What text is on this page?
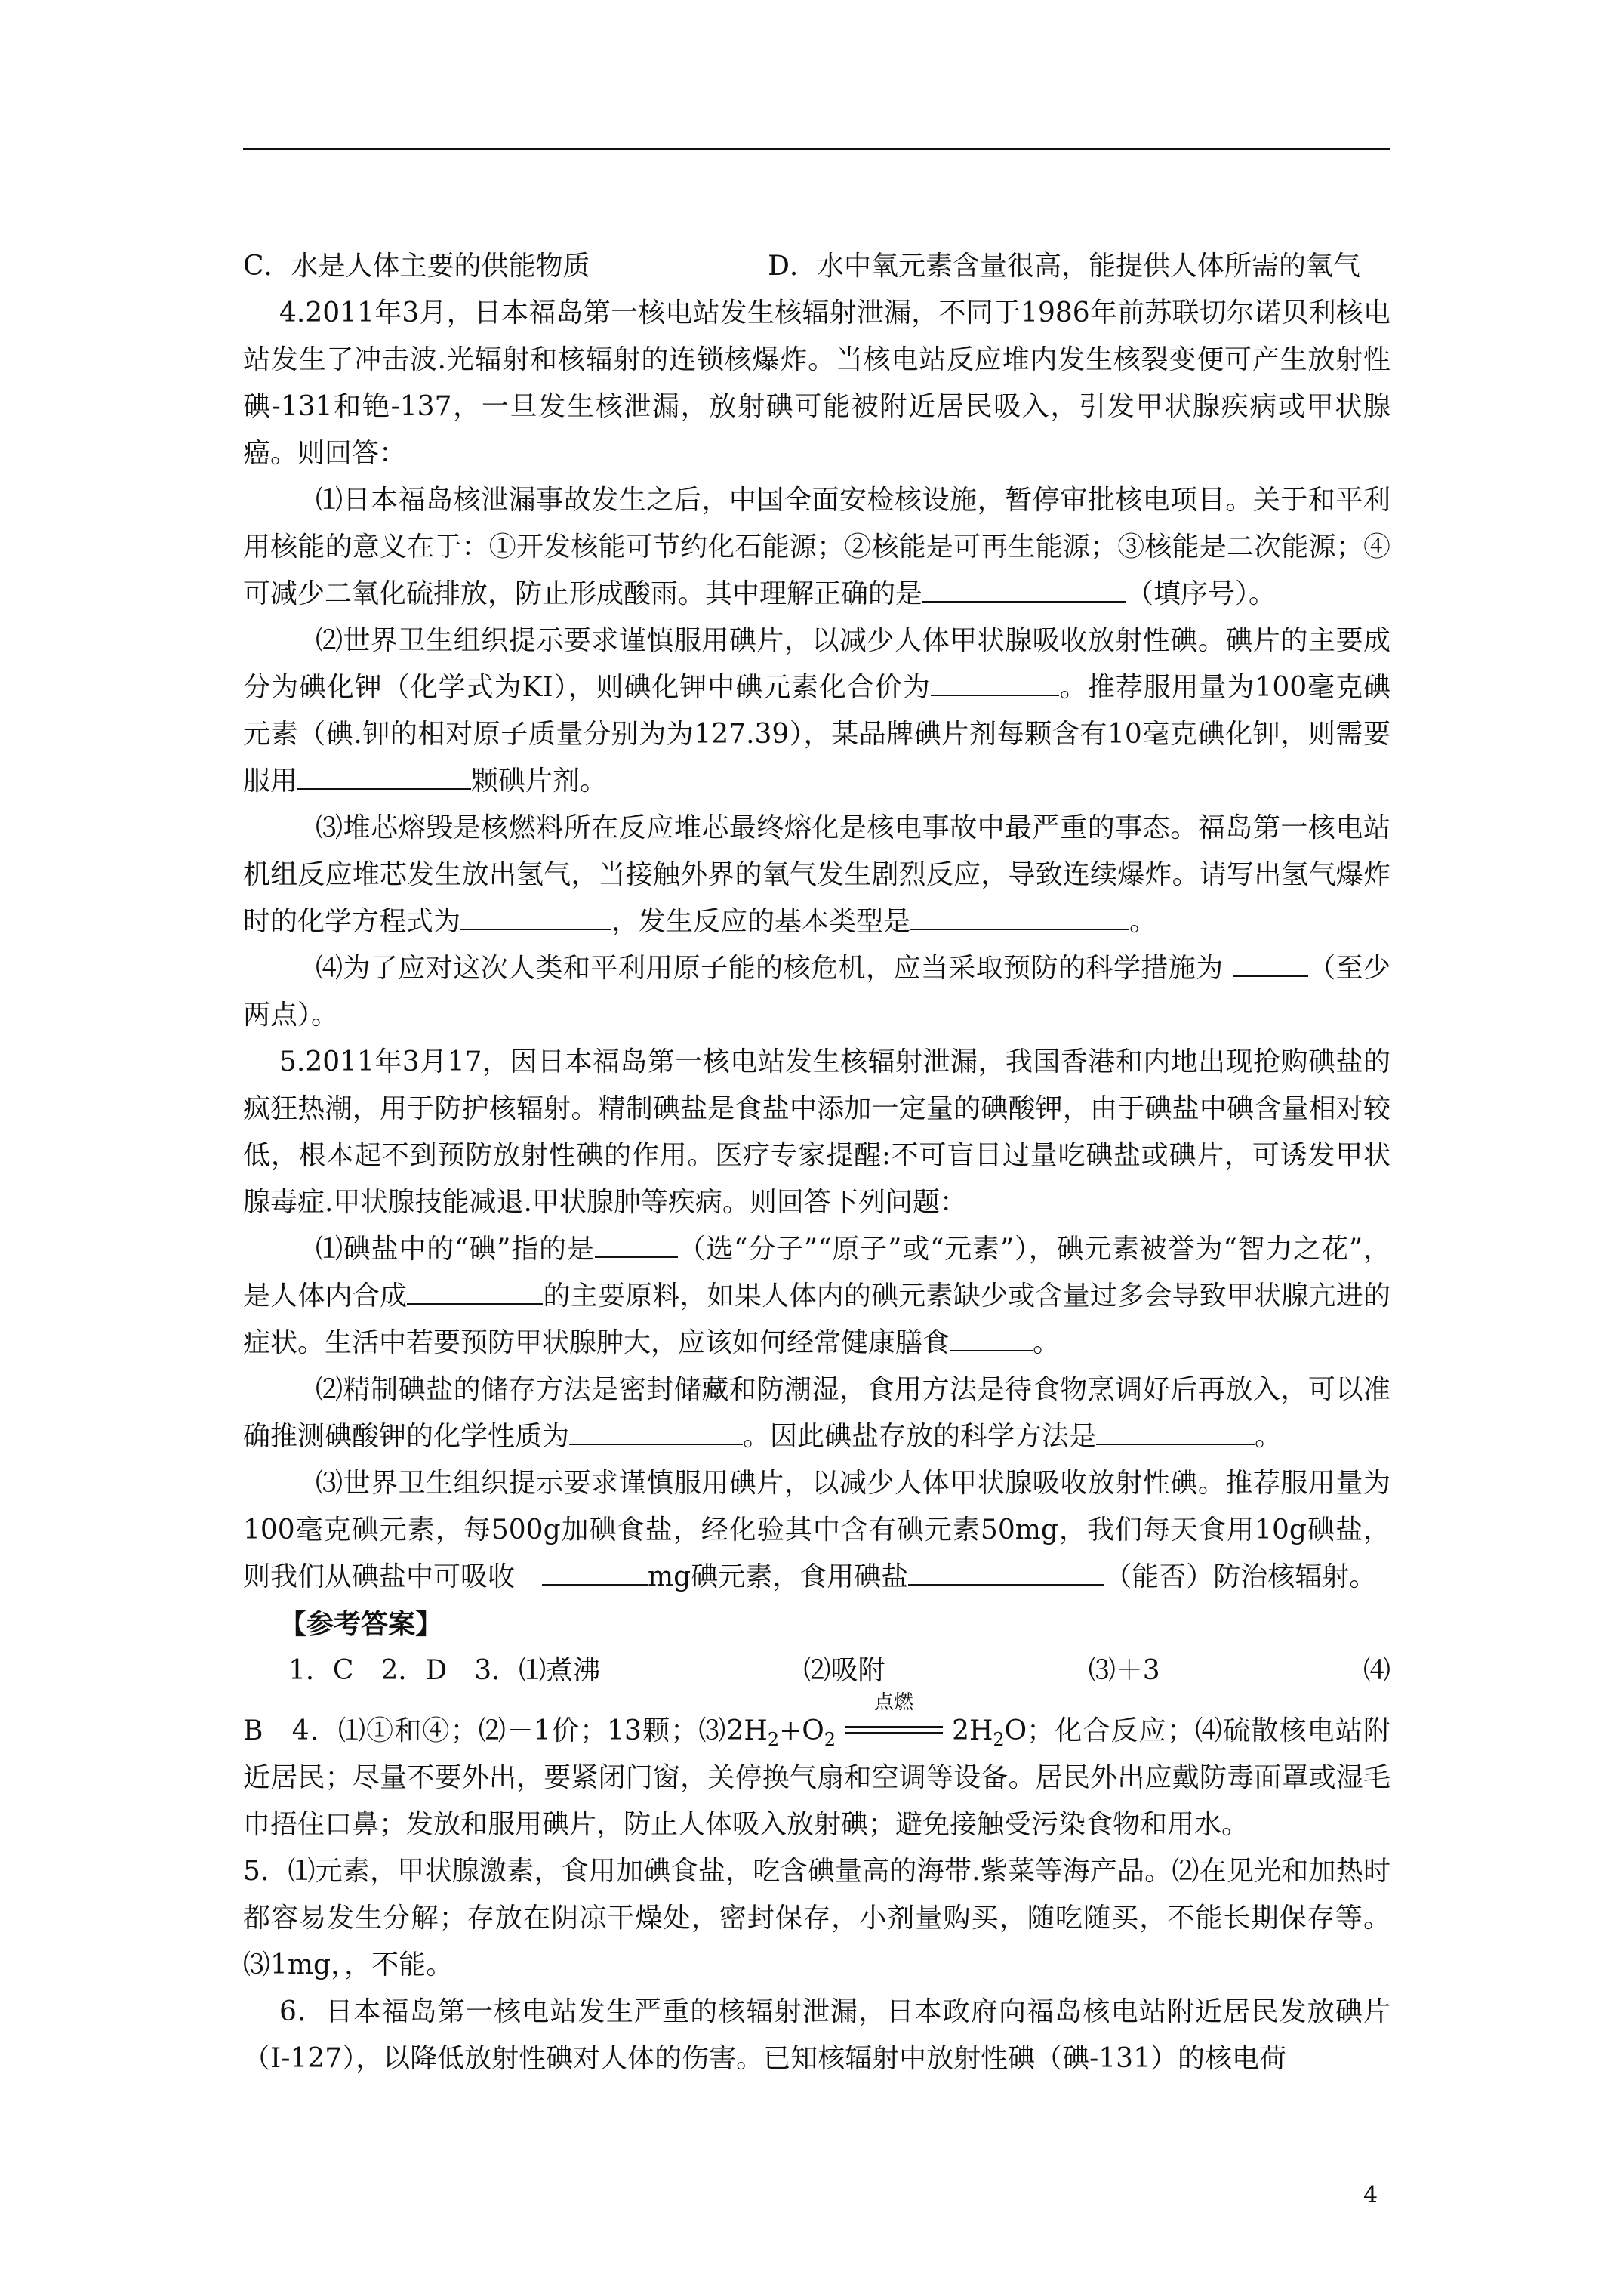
C．水是人体主要的供能物质	D．水中氧元素含量很高，能提供人体所需的氧气

4.2011年3月，日本福岛第一核电站发生核辐射泄漏，不同于1986年前苏联切尔诺贝利核电站发生了冲击波.光辐射和核辐射的连锁核爆炸。当核电站反应堆内发生核裂变便可产生放射性碘-131和铯-137，一旦发生核泄漏，放射碘可能被附近居民吸入，引发甲状腺疾病或甲状腺癌。则回答：

⑴日本福岛核泄漏事故发生之后，中国全面安检核设施，暂停审批核电项目。关于和平利用核能的意义在于：①开发核能可节约化石能源；②核能是可再生能源；③核能是二次能源；④可减少二氧化硫排放，防止形成酸雨。其中理解正确的是	（填序号）。

⑵世界卫生组织提示要求谨慎服用碘片，以减少人体甲状腺吸收放射性碘。碘片的主要成分为碘化钾（化学式为KI），则碘化钾中碘元素化合价为	。推荐服用量为100毫克碘元素（碘.钾的相对原子质量分别为为127.39），某品牌碘片剂每颗含有10毫克碘化钾，则需要服用	颗碘片剂。

⑶堆芯熔毁是核燃料所在反应堆芯最终熔化是核电事故中最严重的事态。福岛第一核电站机组反应堆芯发生放出氢气，当接触外界的氧气发生剧烈反应，导致连续爆炸。请写出氢气爆炸时的化学方程式为	，发生反应的基本类型是	。

⑷为了应对这次人类和平利用原子能的核危机，应当采取预防的科学措施为	（至少两点）。

5.2011年3月17，因日本福岛第一核电站发生核辐射泄漏，我国香港和内地出现抢购碘盐的疯狂热潮，用于防护核辐射。精制碘盐是食盐中添加一定量的碘酸钾，由于碘盐中碘含量相对较低，根本起不到预防放射性碘的作用。医疗专家提醒:不可盲目过量吃碘盐或碘片，可诱发甲状腺毒症.甲状腺技能减退.甲状腺肿等疾病。则回答下列问题：

⑴碘盐中的“碘”指的是	（选“分子”“原子”或“元素”），碘元素被誉为“智力之花”，是人体内合成	的主要原料，如果人体内的碘元素缺少或含量过多会导致甲状腺亢进的症状。生活中若要预防甲状腺肿大，应该如何经常健康膳食	。

⑵精制碘盐的储存方法是密封储藏和防潮湿，食用方法是待食物烹调好后再放入，可以准确推测碘酸钾的化学性质为	。因此碘盐存放的科学方法是	。

⑶世界卫生组织提示要求谨慎服用碘片，以减少人体甲状腺吸收放射性碘。推荐服用量为100毫克碘元素，每500g加碘食盐，经化验其中含有碘元素50mg，我们每天食用10g碘盐，则我们从碘盐中可吸收　	mg碘元素，食用碘盐	（能否）防治核辐射。

【参考答案】

1．C　2．D　3．⑴煮沸	⑵吸附	⑶＋3	⑷

B　4．⑴①和④；⑵－1价；13颗；$⑶2H_2+O_2$
点燃
$2H_2O$；化合反应；⑷硫散核电站附近居民；尽量不要外出，要紧闭门窗，关停换气扇和空调等设备。居民外出应戴防毒面罩或湿毛巾捂住口鼻；发放和服用碘片，防止人体吸入放射碘；避免接触受污染食物和用水。

5．⑴元素，甲状腺激素，食用加碘食盐，吃含碘量高的海带.紫菜等海产品。⑵在见光和加热时都容易发生分解；存放在阴凉干燥处，密封保存，小剂量购买，随吃随买，不能长期保存等。⑶1mg，，不能。

6．日本福岛第一核电站发生严重的核辐射泄漏，日本政府向福岛核电站附近居民发放碘片（I-127），以降低放射性碘对人体的伤害。已知核辐射中放射性碘（碘-131）的核电荷

4
